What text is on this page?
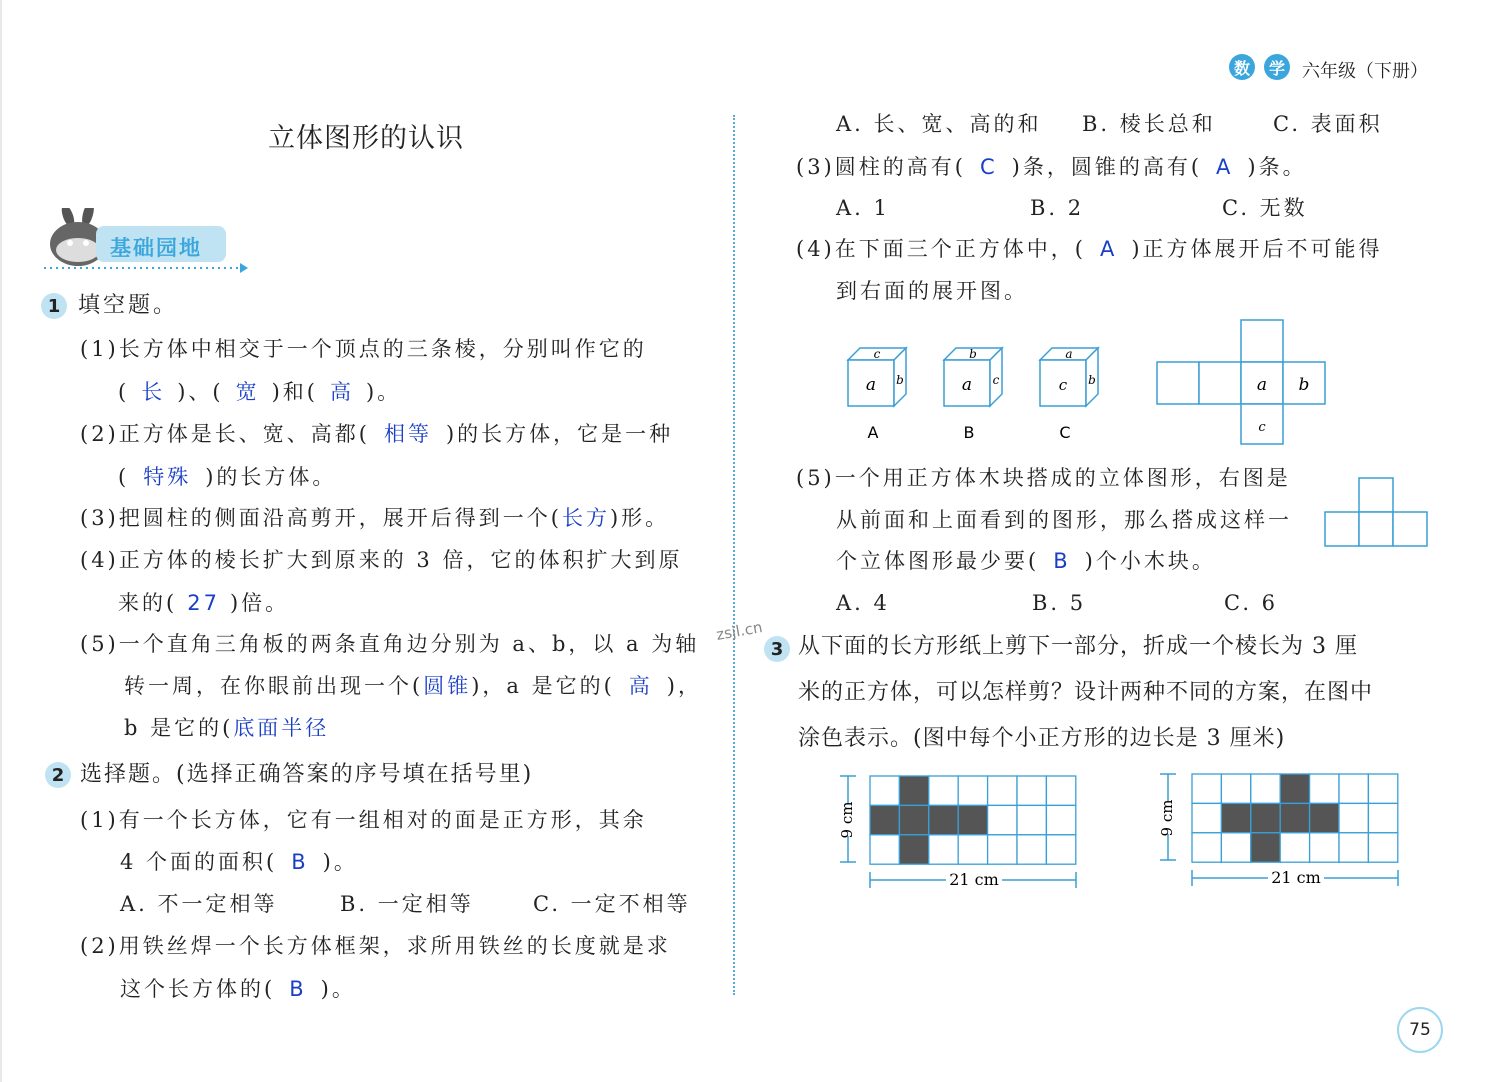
数	学 六年级（下册）
立体图形的认识
基础园地
1 填空题。
(1)长方体中相交于一个顶点的三条棱，分别叫作它的
( 长 )、( 宽 )和( 高 )。
(2)正方体是长、宽、高都( 相等 )的长方体，它是一种
( 特殊 )的长方体。
(3)把圆柱的侧面沿高剪开，展开后得到一个(长方)形。
(4)正方体的棱长扩大到原来的 3 倍，它的体积扩大到原
来的( 27 )倍。
(5)一个直角三角板的两条直角边分别为 a、b，以 a 为轴
转一周，在你眼前出现一个(圆锥)，a 是它的( 高 )，
b 是它的(底面半径
2 选择题。(选择正确答案的序号填在括号里)
(1)有一个长方体，它有一组相对的面是正方形，其余
4 个面的面积( B )。
A. 不一定相等	B. 一定相等	C. 一定不相等
(2)用铁丝焊一个长方体框架，求所用铁丝的长度就是求
这个长方体的( B )。
A. 长、宽、高的和 B. 棱长总和	C. 表面积
(3)圆柱的高有( C )条，圆锥的高有( A )条。
A. 1	B. 2	C. 无数
(4)在下面三个正方体中，( A )正方体展开后不可能得
到右面的展开图。
c
a b
A
b
a c
B
a
c b
C
a b
c
(5)一个用正方体木块搭成的立体图形，右图是
从前面和上面看到的图形，那么搭成这样一
个立体图形最少要( B )个小木块。
A. 4	B. 5	C. 6
zsjl.cn
3 从下面的长方形纸上剪下一部分，折成一个棱长为 3 厘
米的正方体，可以怎样剪？设计两种不同的方案，在图中
涂色表示。(图中每个小正方形的边长是 3 厘米)
9 cm
21 cm
9 cm
21 cm
75
